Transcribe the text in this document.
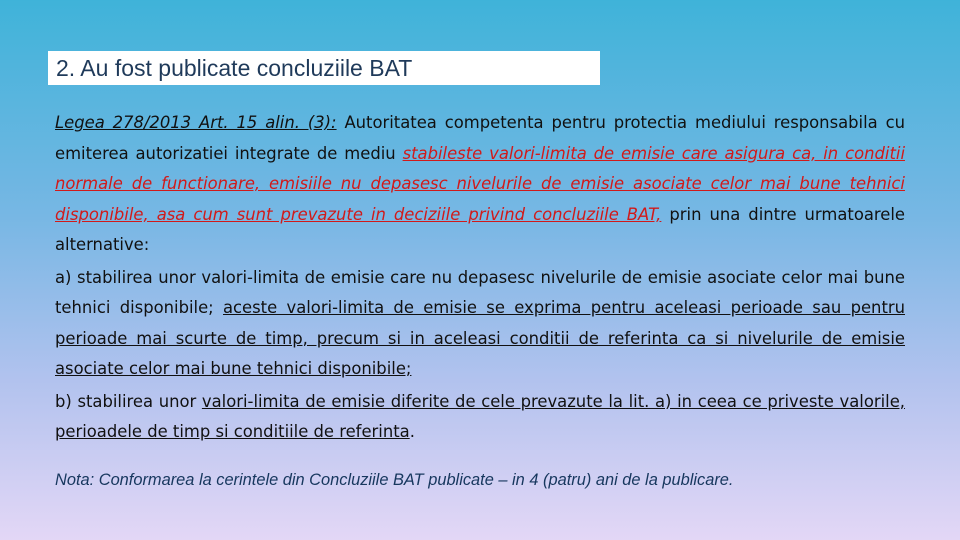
2. Au fost publicate concluziile BAT

Legea 278/2013 Art. 15 alin. (3): Autoritatea competenta pentru protectia mediului responsabila cu emiterea autorizatiei integrate de mediu stabileste valori-limita de emisie care asigura ca, in conditii normale de functionare, emisiile nu depasesc nivelurile de emisie asociate celor mai bune tehnici disponibile, asa cum sunt prevazute in deciziile privind concluziile BAT, prin una dintre urmatoarele alternative:

a) stabilirea unor valori-limita de emisie care nu depasesc nivelurile de emisie asociate celor mai bune tehnici disponibile; aceste valori-limita de emisie se exprima pentru aceleasi perioade sau pentru perioade mai scurte de timp, precum si in aceleasi conditii de referinta ca si nivelurile de emisie asociate celor mai bune tehnici disponibile;

b) stabilirea unor valori-limita de emisie diferite de cele prevazute la lit. a) in ceea ce priveste valorile, perioadele de timp si conditiile de referinta.

Nota: Conformarea la cerintele din Concluziile BAT publicate – in 4 (patru) ani de la publicare.
